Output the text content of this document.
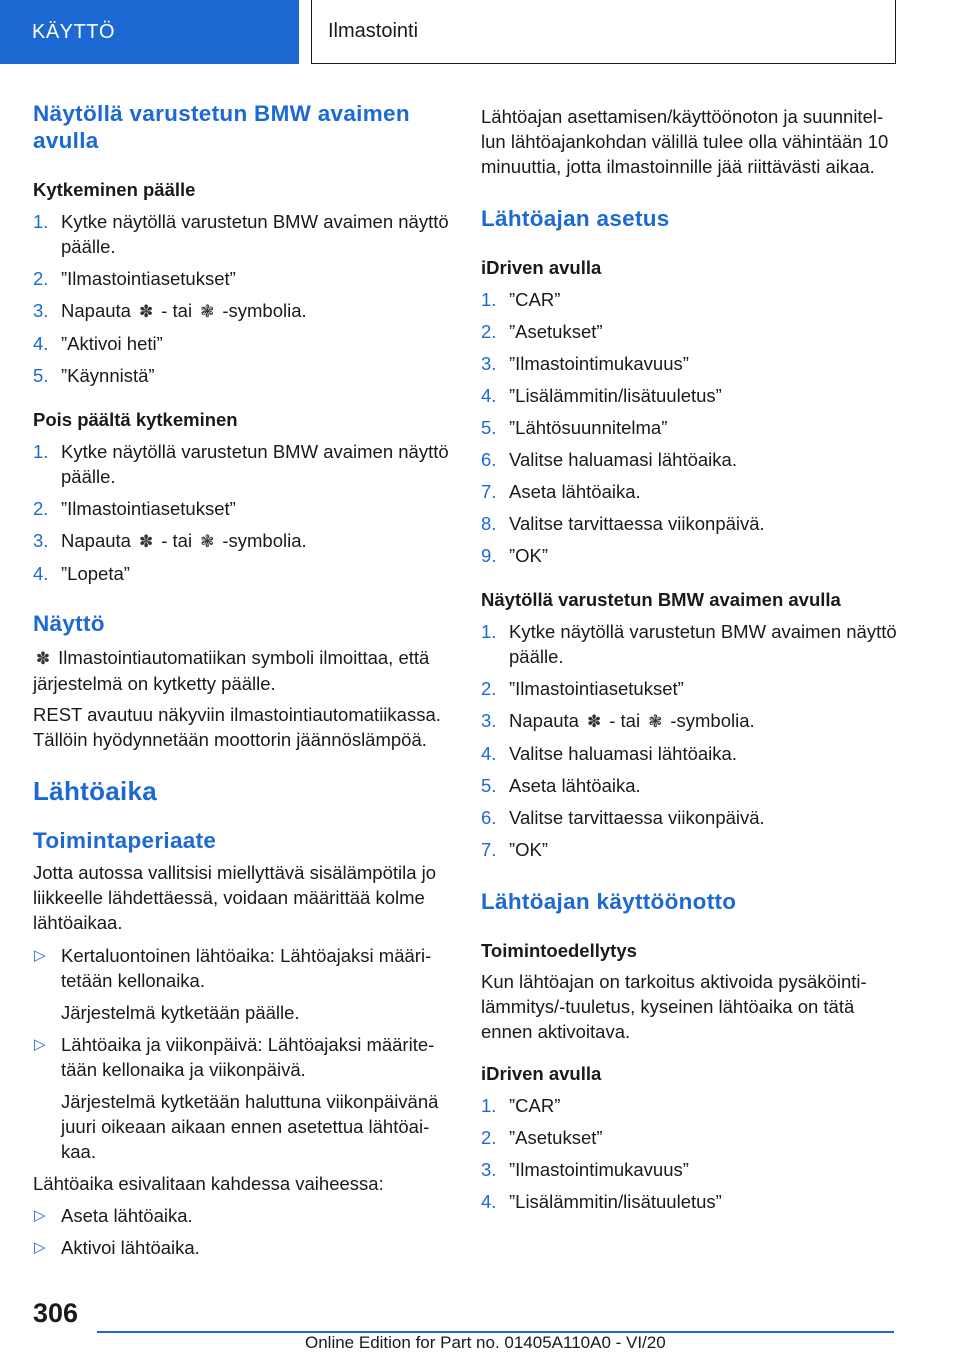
KÄYTTÖ	Ilmastointi
Näytöllä varustetun BMW avaimen avulla
Kytkeminen päälle
1. Kytke näytöllä varustetun BMW avaimen näyttö päälle.
2. ”Ilmastointiasetukset”
3. Napauta ✽ - tai ❃ -symbolia.
4. ”Aktivoi heti”
5. ”Käynnistä”
Pois päältä kytkeminen
1. Kytke näytöllä varustetun BMW avaimen näyttö päälle.
2. ”Ilmastointiasetukset”
3. Napauta ✽ - tai ❃ -symbolia.
4. ”Lopeta”
Näyttö

✽ Ilmastointiautomatiikan symboli ilmoittaa, että järjestelmä on kytketty päälle.

REST avautuu näkyviin ilmastointiautomatiikassa. Tällöin hyödynnetään moottorin jäännöslämpöä.

Lähtöaika
Toimintaperiaate

Jotta autossa vallitsisi miellyttävä sisälämpötila jo liikkeelle lähdettäessä, voidaan määrittää kolme lähtöaikaa.

▷ Kertaluontoinen lähtöaika: Lähtöajaksi määritetään kellonaika.

Järjestelmä kytketään päälle.

▷ Lähtöaika ja viikonpäivä: Lähtöajaksi määritetään kellonaika ja viikonpäivä.

Järjestelmä kytketään haluttuna viikonpäivänä juuri oikeaan aikaan ennen asetettua lähtöaikaa.

Lähtöaika esivalitaan kahdessa vaiheessa:

▷ Aseta lähtöaika.
▷ Aktivoi lähtöaika.

Lähtöajan asettamisen/käyttöönoton ja suunnitellun lähtöajankohdan välillä tulee olla vähintään 10 minuuttia, jotta ilmastoinnille jää riittävästi aikaa.

Lähtöajan asetus
iDriven avulla
1. ”CAR”
2. ”Asetukset”
3. ”Ilmastointimukavuus”
4. ”Lisälämmitin/lisätuuletus”
5. ”Lähtösuunnitelma”
6. Valitse haluamasi lähtöaika.
7. Aseta lähtöaika.
8. Valitse tarvittaessa viikonpäivä.
9. ”OK”
Näytöllä varustetun BMW avaimen avulla
1. Kytke näytöllä varustetun BMW avaimen näyttö päälle.
2. ”Ilmastointiasetukset”
3. Napauta ✽ - tai ❃ -symbolia.
4. Valitse haluamasi lähtöaika.
5. Aseta lähtöaika.
6. Valitse tarvittaessa viikonpäivä.
7. ”OK”
Lähtöajan käyttöönotto
Toimintoedellytys

Kun lähtöajan on tarkoitus aktivoida pysäköintilämmitys/-tuuletus, kyseinen lähtöaika on tätä ennen aktivoitava.

iDriven avulla
1. ”CAR”
2. ”Asetukset”
3. ”Ilmastointimukavuus”
4. ”Lisälämmitin/lisätuuletus”
306
Online Edition for Part no. 01405A110A0 - VI/20
